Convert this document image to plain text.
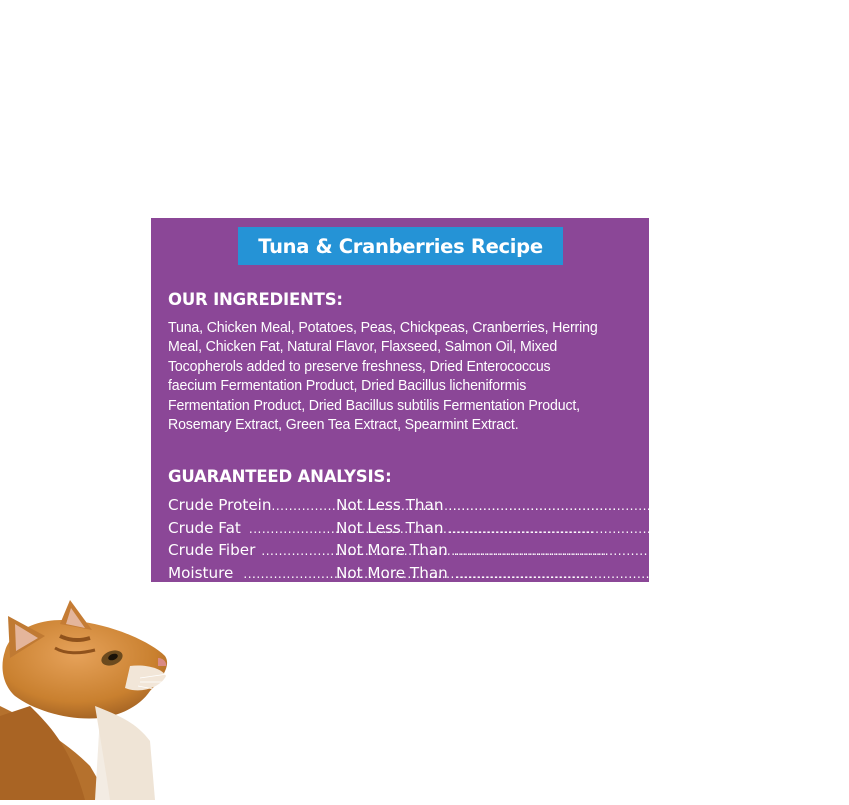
Tuna & Cranberries Recipe
OUR INGREDIENTS:
Tuna, Chicken Meal, Potatoes, Peas, Chickpeas, Cranberries, Herring
Meal, Chicken Fat, Natural Flavor, Flaxseed, Salmon Oil, Mixed
Tocopherols added to preserve freshness, Dried Enterococcus
faecium Fermentation Product, Dried Bacillus licheniformis
Fermentation Product, Dried Bacillus subtilis Fermentation Product,
Rosemary Extract, Green Tea Extract, Spearmint Extract.
GUARANTEED ANALYSIS:
Crude Protein .....	Not Less Than .....	30.0%
Crude Fat .....	Not Less Than .....	12.0%
Crude Fiber .....	Not More Than .....	4.0%
Moisture .....	Not More Than .....	10.0%
